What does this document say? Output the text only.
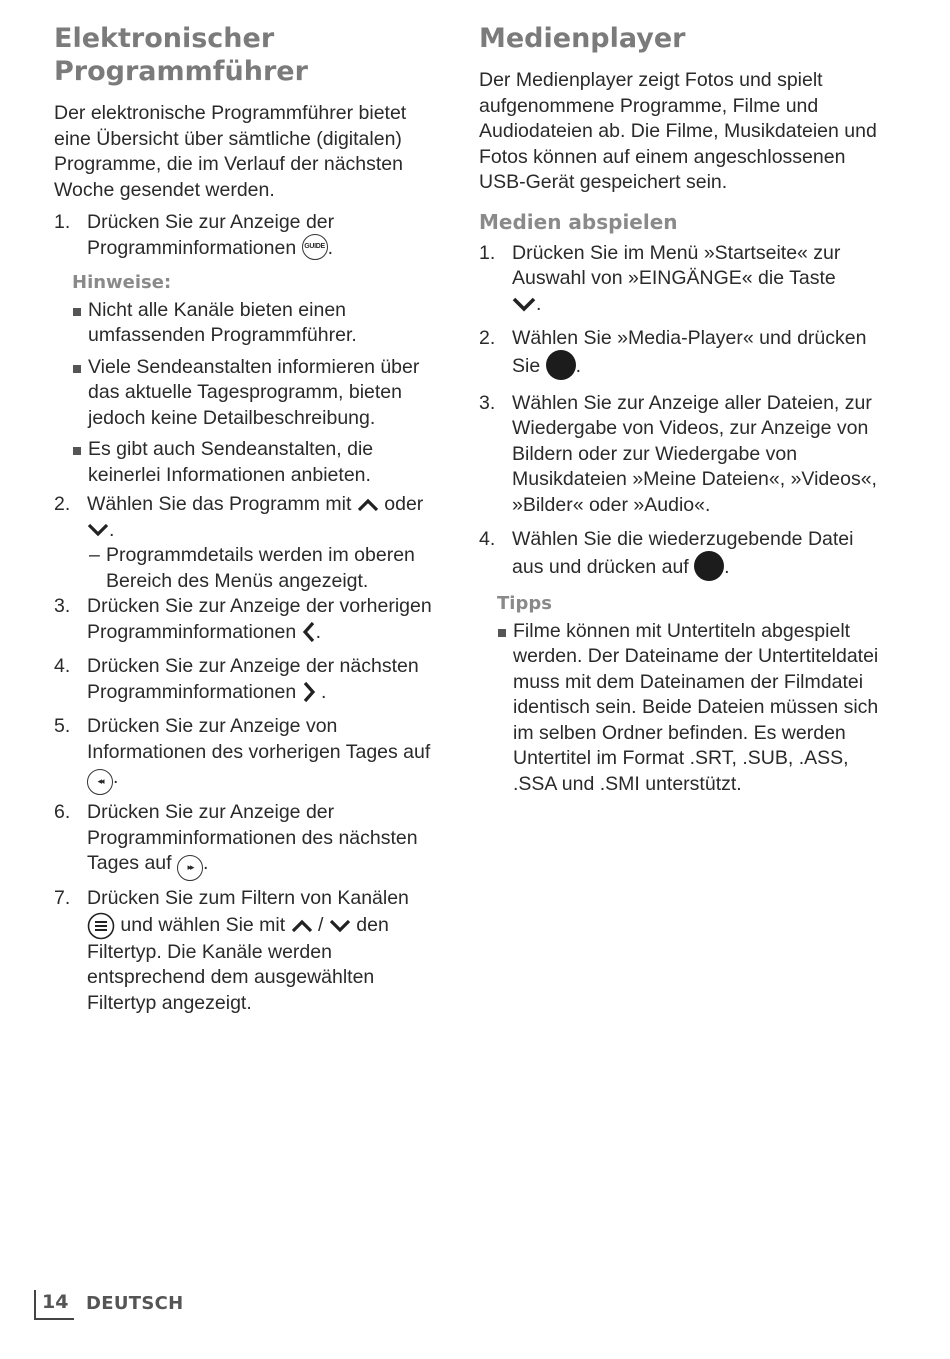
Elektronischer Programmführer

Der elektronische Programmführer bietet eine Übersicht über sämtliche (digitalen) Programme, die im Verlauf der nächsten Woche gesendet werden.

1. Drücken Sie zur Anzeige der Programminformationen GUIDE .
Hinweise:
Nicht alle Kanäle bieten einen umfassenden Programmführer.
Viele Sendeanstalten informieren über das aktuelle Tagesprogramm, bieten jedoch keine Detailbeschreibung.
Es gibt auch Sendeanstalten, die keinerlei Informationen anbieten.
2. Wählen Sie das Programm mit  oder
.
– Programmdetails werden im oberen Bereich des Menüs angezeigt.
3. Drücken Sie zur Anzeige der vorherigen Programminformationen .
4. Drücken Sie zur Anzeige der nächsten Programminformationen  .
5. Drücken Sie zur Anzeige von Informationen des vorherigen Tages auf ◂◂ .
6. Drücken Sie zur Anzeige der Programminformationen des nächsten Tages auf ▸▸ .
7. Drücken Sie zum Filtern von Kanälen
und wählen Sie mit  /  den Filtertyp. Die Kanäle werden entsprechend dem ausgewählten Filtertyp angezeigt.
Medienplayer

Der Medienplayer zeigt Fotos und spielt aufgenommene Programme, Filme und Audiodateien ab. Die Filme, Musikdateien und Fotos können auf einem angeschlossenen USB-Gerät gespeichert sein.

Medien abspielen
1. Drücken Sie im Menü »Startseite« zur Auswahl von »EINGÄNGE« die Taste
.
2. Wählen Sie »Media-Player« und drücken Sie .
3. Wählen Sie zur Anzeige aller Dateien, zur Wiedergabe von Videos, zur Anzeige von Bildern oder zur Wiedergabe von Musikdateien »Meine Dateien«, »Videos«, »Bilder« oder »Audio«.
4. Wählen Sie die wiederzugebende Datei aus und drücken auf .
Tipps
Filme können mit Untertiteln abgespielt werden. Der Dateiname der Untertiteldatei muss mit dem Dateinamen der Filmdatei identisch sein. Beide Dateien müssen sich im selben Ordner befinden. Es werden Untertitel im Format .SRT, .SUB, .ASS, .SSA und .SMI unterstützt.
14 DEUTSCH
